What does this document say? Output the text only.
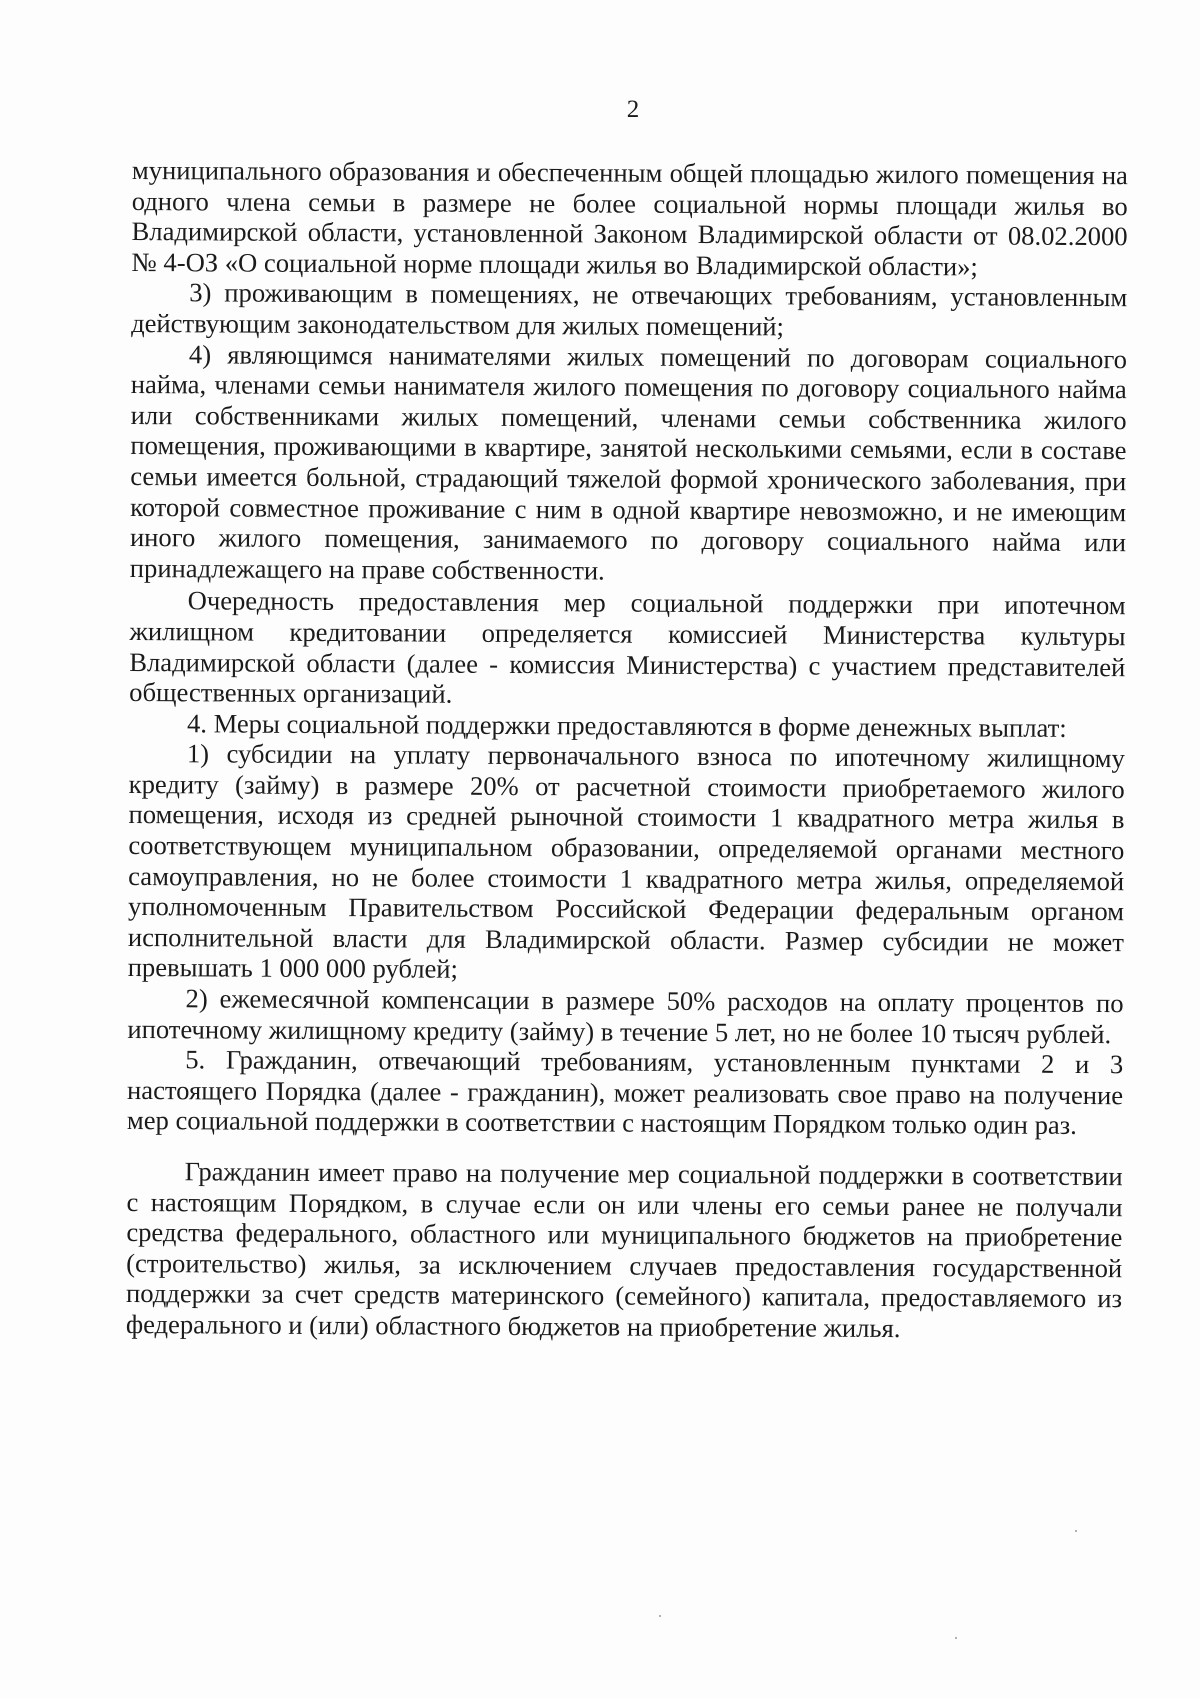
2

муниципального образования и обеспеченным общей площадью жилого помещения на одного члена семьи в размере не более социальной нормы площади жилья во Владимирской области, установленной Законом Владимирской области от 08.02.2000 № 4-ОЗ «О социальной норме площади жилья во Владимирской области»;

3) проживающим в помещениях, не отвечающих требованиям, установленным действующим законодательством для жилых помещений;

4) являющимся нанимателями жилых помещений по договорам социального найма, членами семьи нанимателя жилого помещения по договору социального найма или собственниками жилых помещений, членами семьи собственника жилого помещения, проживающими в квартире, занятой несколькими семьями, если в составе семьи имеется больной, страдающий тяжелой формой хронического заболевания, при которой совместное проживание с ним в одной квартире невозможно, и не имеющим иного жилого помещения, занимаемого по договору социального найма или принадлежащего на праве собственности.

Очередность предоставления мер социальной поддержки при ипотечном жилищном кредитовании определяется комиссией Министерства культуры Владимирской области (далее - комиссия Министерства) с участием представителей общественных организаций.

4. Меры социальной поддержки предоставляются в форме денежных выплат:

1) субсидии на уплату первоначального взноса по ипотечному жилищному кредиту (займу) в размере 20% от расчетной стоимости приобретаемого жилого помещения, исходя из средней рыночной стоимости 1 квадратного метра жилья в соответствующем муниципальном образовании, определяемой органами местного самоуправления, но не более стоимости 1 квадратного метра жилья, определяемой уполномоченным Правительством Российской Федерации федеральным органом исполнительной власти для Владимирской области. Размер субсидии не может превышать 1 000 000 рублей;

2) ежемесячной компенсации в размере 50% расходов на оплату процентов по ипотечному жилищному кредиту (займу) в течение 5 лет, но не более 10 тысяч рублей.

5. Гражданин, отвечающий требованиям, установленным пунктами 2 и 3 настоящего Порядка (далее - гражданин), может реализовать свое право на получение мер социальной поддержки в соответствии с настоящим Порядком только один раз.

Гражданин имеет право на получение мер социальной поддержки в соответствии с настоящим Порядком, в случае если он или члены его семьи ранее не получали средства федерального, областного или муниципального бюджетов на приобретение (строительство) жилья, за исключением случаев предоставления государственной поддержки за счет средств материнского (семейного) капитала, предоставляемого из федерального и (или) областного бюджетов на приобретение жилья.
